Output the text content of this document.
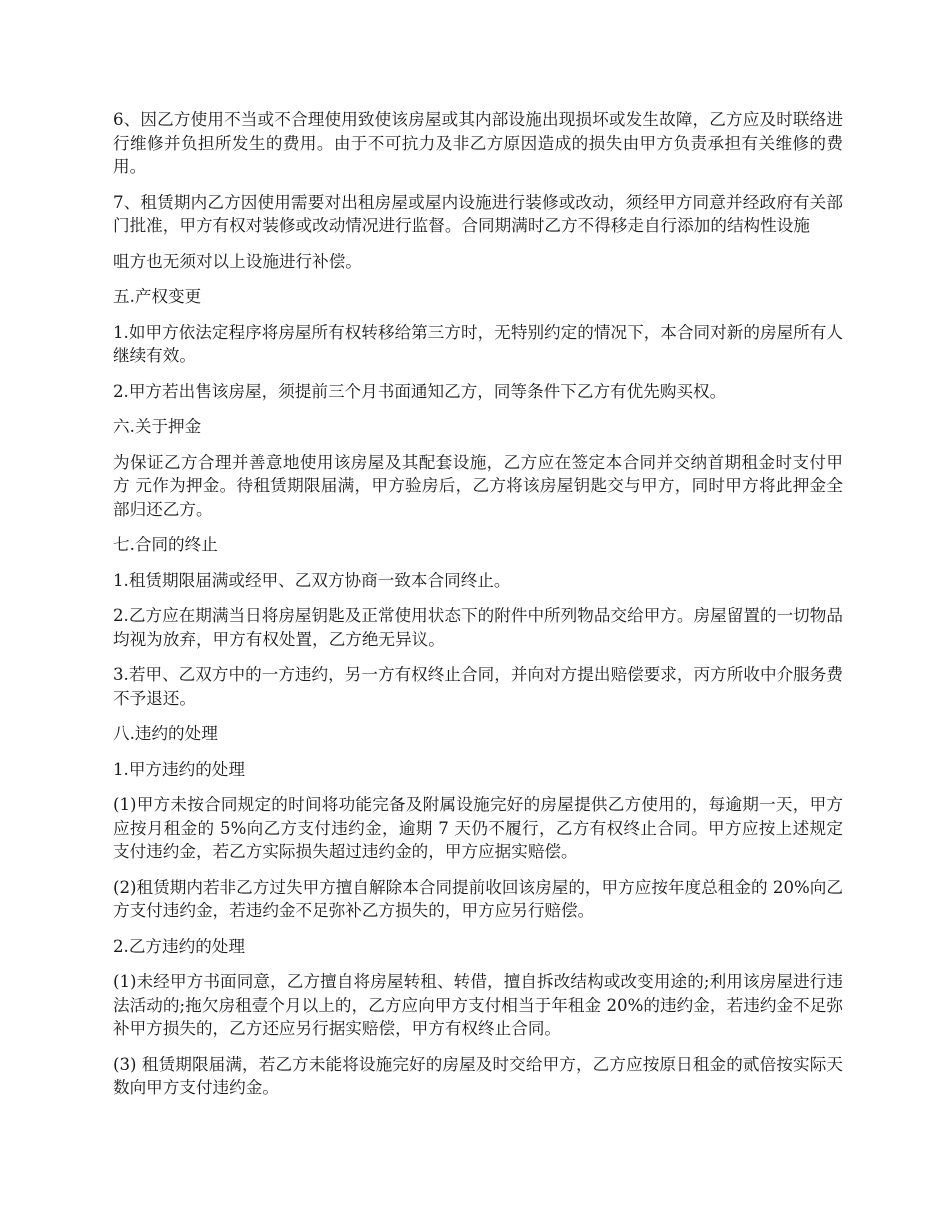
6、因乙方使用不当或不合理使用致使该房屋或其内部设施出现损坏或发生故障，乙方应及时联络进行维修并负担所发生的费用。由于不可抗力及非乙方原因造成的损失由甲方负责承担有关维修的费用。

7、租赁期内乙方因使用需要对出租房屋或屋内设施进行装修或改动，须经甲方同意并经政府有关部门批准，甲方有权对装修或改动情况进行监督。合同期满时乙方不得移走自行添加的结构性设施

咀方也无须对以上设施进行补偿。

五.产权变更

1.如甲方依法定程序将房屋所有权转移给第三方时，无特别约定的情况下，本合同对新的房屋所有人继续有效。

2.甲方若出售该房屋，须提前三个月书面通知乙方，同等条件下乙方有优先购买权。

六.关于押金

为保证乙方合理并善意地使用该房屋及其配套设施，乙方应在签定本合同并交纳首期租金时支付甲方 元作为押金。待租赁期限届满，甲方验房后，乙方将该房屋钥匙交与甲方，同时甲方将此押金全部归还乙方。

七.合同的终止

1.租赁期限届满或经甲、乙双方协商一致本合同终止。

2.乙方应在期满当日将房屋钥匙及正常使用状态下的附件中所列物品交给甲方。房屋留置的一切物品均视为放弃，甲方有权处置，乙方绝无异议。

3.若甲、乙双方中的一方违约，另一方有权终止合同，并向对方提出赔偿要求，丙方所收中介服务费不予退还。

八.违约的处理

1.甲方违约的处理

(1)甲方未按合同规定的时间将功能完备及附属设施完好的房屋提供乙方使用的，每逾期一天，甲方应按月租金的 5%向乙方支付违约金，逾期 7 天仍不履行，乙方有权终止合同。甲方应按上述规定支付违约金，若乙方实际损失超过违约金的，甲方应据实赔偿。

(2)租赁期内若非乙方过失甲方擅自解除本合同提前收回该房屋的，甲方应按年度总租金的 20%向乙方支付违约金，若违约金不足弥补乙方损失的，甲方应另行赔偿。

2.乙方违约的处理

(1)未经甲方书面同意，乙方擅自将房屋转租、转借，擅自拆改结构或改变用途的;利用该房屋进行违法活动的;拖欠房租壹个月以上的，乙方应向甲方支付相当于年租金 20%的违约金，若违约金不足弥补甲方损失的，乙方还应另行据实赔偿，甲方有权终止合同。

(3) 租赁期限届满，若乙方未能将设施完好的房屋及时交给甲方，乙方应按原日租金的贰倍按实际天数向甲方支付违约金。
